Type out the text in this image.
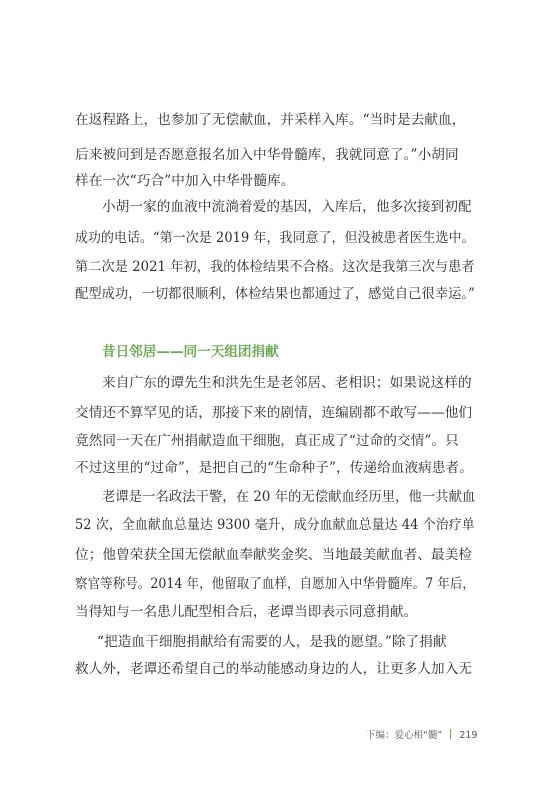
在返程路上，也参加了无偿献血，并采样入库。“当时是去献血，
后来被问到是否愿意报名加入中华骨髓库，我就同意了。”小胡同
样在一次“巧合”中加入中华骨髓库。
小胡一家的血液中流淌着爱的基因，入库后，他多次接到初配
成功的电话。“第一次是 2019 年，我同意了，但没被患者医生选中。
第二次是 2021 年初，我的体检结果不合格。这次是我第三次与患者
配型成功，一切都很顺利，体检结果也都通过了，感觉自己很幸运。”
昔日邻居——同一天组团捐献
来自广东的谭先生和洪先生是老邻居、老相识；如果说这样的
交情还不算罕见的话，那接下来的剧情，连编剧都不敢写——他们
竟然同一天在广州捐献造血干细胞，真正成了“过命的交情”。只
不过这里的“过命”，是把自己的“生命种子”，传递给血液病患者。
老谭是一名政法干警，在 20 年的无偿献血经历里，他一共献血
52 次，全血献血总量达 9300 毫升，成分血献血总量达 44 个治疗单
位；他曾荣获全国无偿献血奉献奖金奖、当地最美献血者、最美检
察官等称号。2014 年，他留取了血样，自愿加入中华骨髓库。7 年后，
当得知与一名患儿配型相合后，老谭当即表示同意捐献。
“把造血干细胞捐献给有需要的人，是我的愿望。”除了捐献
救人外，老谭还希望自己的举动能感动身边的人，让更多人加入无
下编：爱心相“髓” 219
